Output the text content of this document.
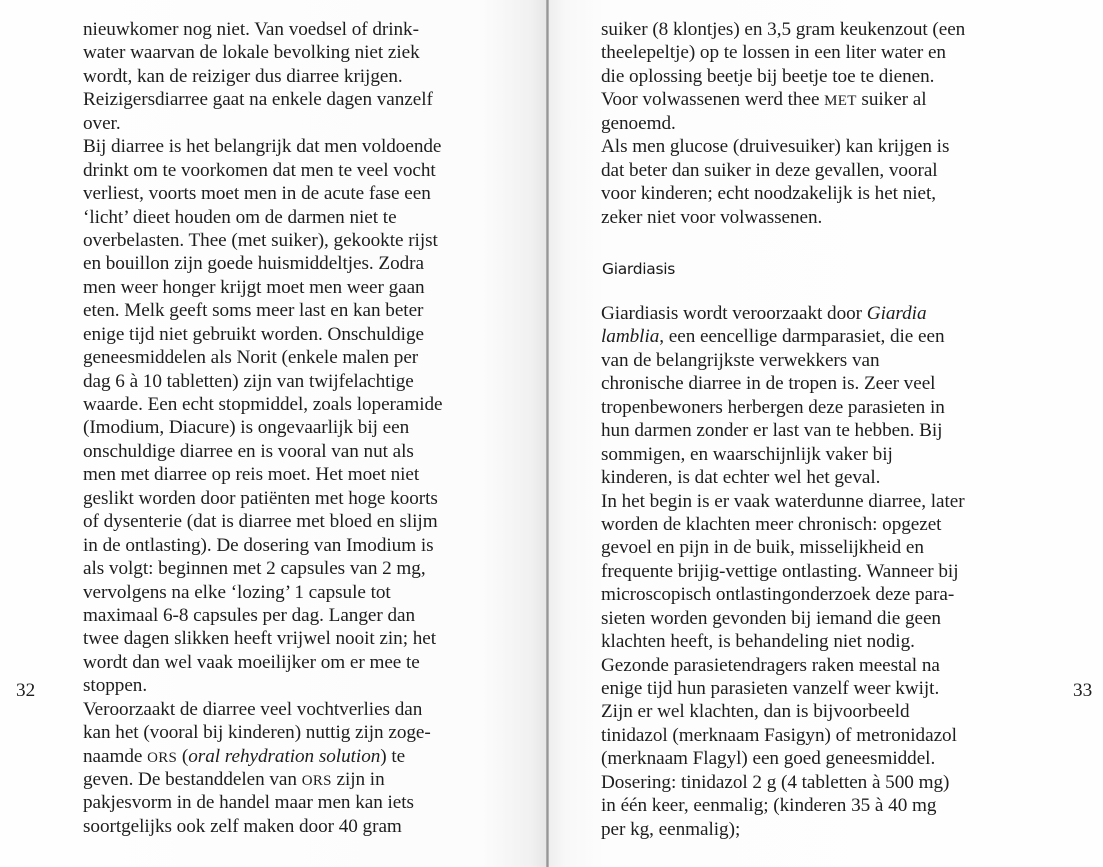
nieuwkomer nog niet. Van voedsel of drink-
water waarvan de lokale bevolking niet ziek
wordt, kan de reiziger dus diarree krijgen.
Reizigersdiarree gaat na enkele dagen vanzelf
over.
Bij diarree is het belangrijk dat men voldoende
drinkt om te voorkomen dat men te veel vocht
verliest, voorts moet men in de acute fase een
‘licht’ dieet houden om de darmen niet te
overbelasten. Thee (met suiker), gekookte rijst
en bouillon zijn goede huismiddeltjes. Zodra
men weer honger krijgt moet men weer gaan
eten. Melk geeft soms meer last en kan beter
enige tijd niet gebruikt worden. Onschuldige
geneesmiddelen als Norit (enkele malen per
dag 6 à 10 tabletten) zijn van twijfelachtige
waarde. Een echt stopmiddel, zoals loperamide
(Imodium, Diacure) is ongevaarlijk bij een
onschuldige diarree en is vooral van nut als
men met diarree op reis moet. Het moet niet
geslikt worden door patiënten met hoge koorts
of dysenterie (dat is diarree met bloed en slijm
in de ontlasting). De dosering van Imodium is
als volgt: beginnen met 2 capsules van 2 mg,
vervolgens na elke ‘lozing’ 1 capsule tot
maximaal 6-8 capsules per dag. Langer dan
twee dagen slikken heeft vrijwel nooit zin; het
wordt dan wel vaak moeilijker om er mee te
stoppen.
Veroorzaakt de diarree veel vochtverlies dan
kan het (vooral bij kinderen) nuttig zijn zoge-
naamde ORS (oral rehydration solution) te
geven. De bestanddelen van ORS zijn in
pakjesvorm in de handel maar men kan iets
soortgelijks ook zelf maken door 40 gram
32
suiker (8 klontjes) en 3,5 gram keukenzout (een
theelepeltje) op te lossen in een liter water en
die oplossing beetje bij beetje toe te dienen.
Voor volwassenen werd thee MET suiker al
genoemd.
Als men glucose (druivesuiker) kan krijgen is
dat beter dan suiker in deze gevallen, vooral
voor kinderen; echt noodzakelijk is het niet,
zeker niet voor volwassenen.
Giardiasis
Giardiasis wordt veroorzaakt door Giardia
lamblia, een eencellige darmparasiet, die een
van de belangrijkste verwekkers van
chronische diarree in de tropen is. Zeer veel
tropenbewoners herbergen deze parasieten in
hun darmen zonder er last van te hebben. Bij
sommigen, en waarschijnlijk vaker bij
kinderen, is dat echter wel het geval.
In het begin is er vaak waterdunne diarree, later
worden de klachten meer chronisch: opgezet
gevoel en pijn in de buik, misselijkheid en
frequente brijig-vettige ontlasting. Wanneer bij
microscopisch ontlastingonderzoek deze para-
sieten worden gevonden bij iemand die geen
klachten heeft, is behandeling niet nodig.
Gezonde parasietendragers raken meestal na
enige tijd hun parasieten vanzelf weer kwijt.
Zijn er wel klachten, dan is bijvoorbeeld
tinidazol (merknaam Fasigyn) of metronidazol
(merknaam Flagyl) een goed geneesmiddel.
Dosering: tinidazol 2 g (4 tabletten à 500 mg)
in één keer, eenmalig; (kinderen 35 à 40 mg
per kg, eenmalig);
33
